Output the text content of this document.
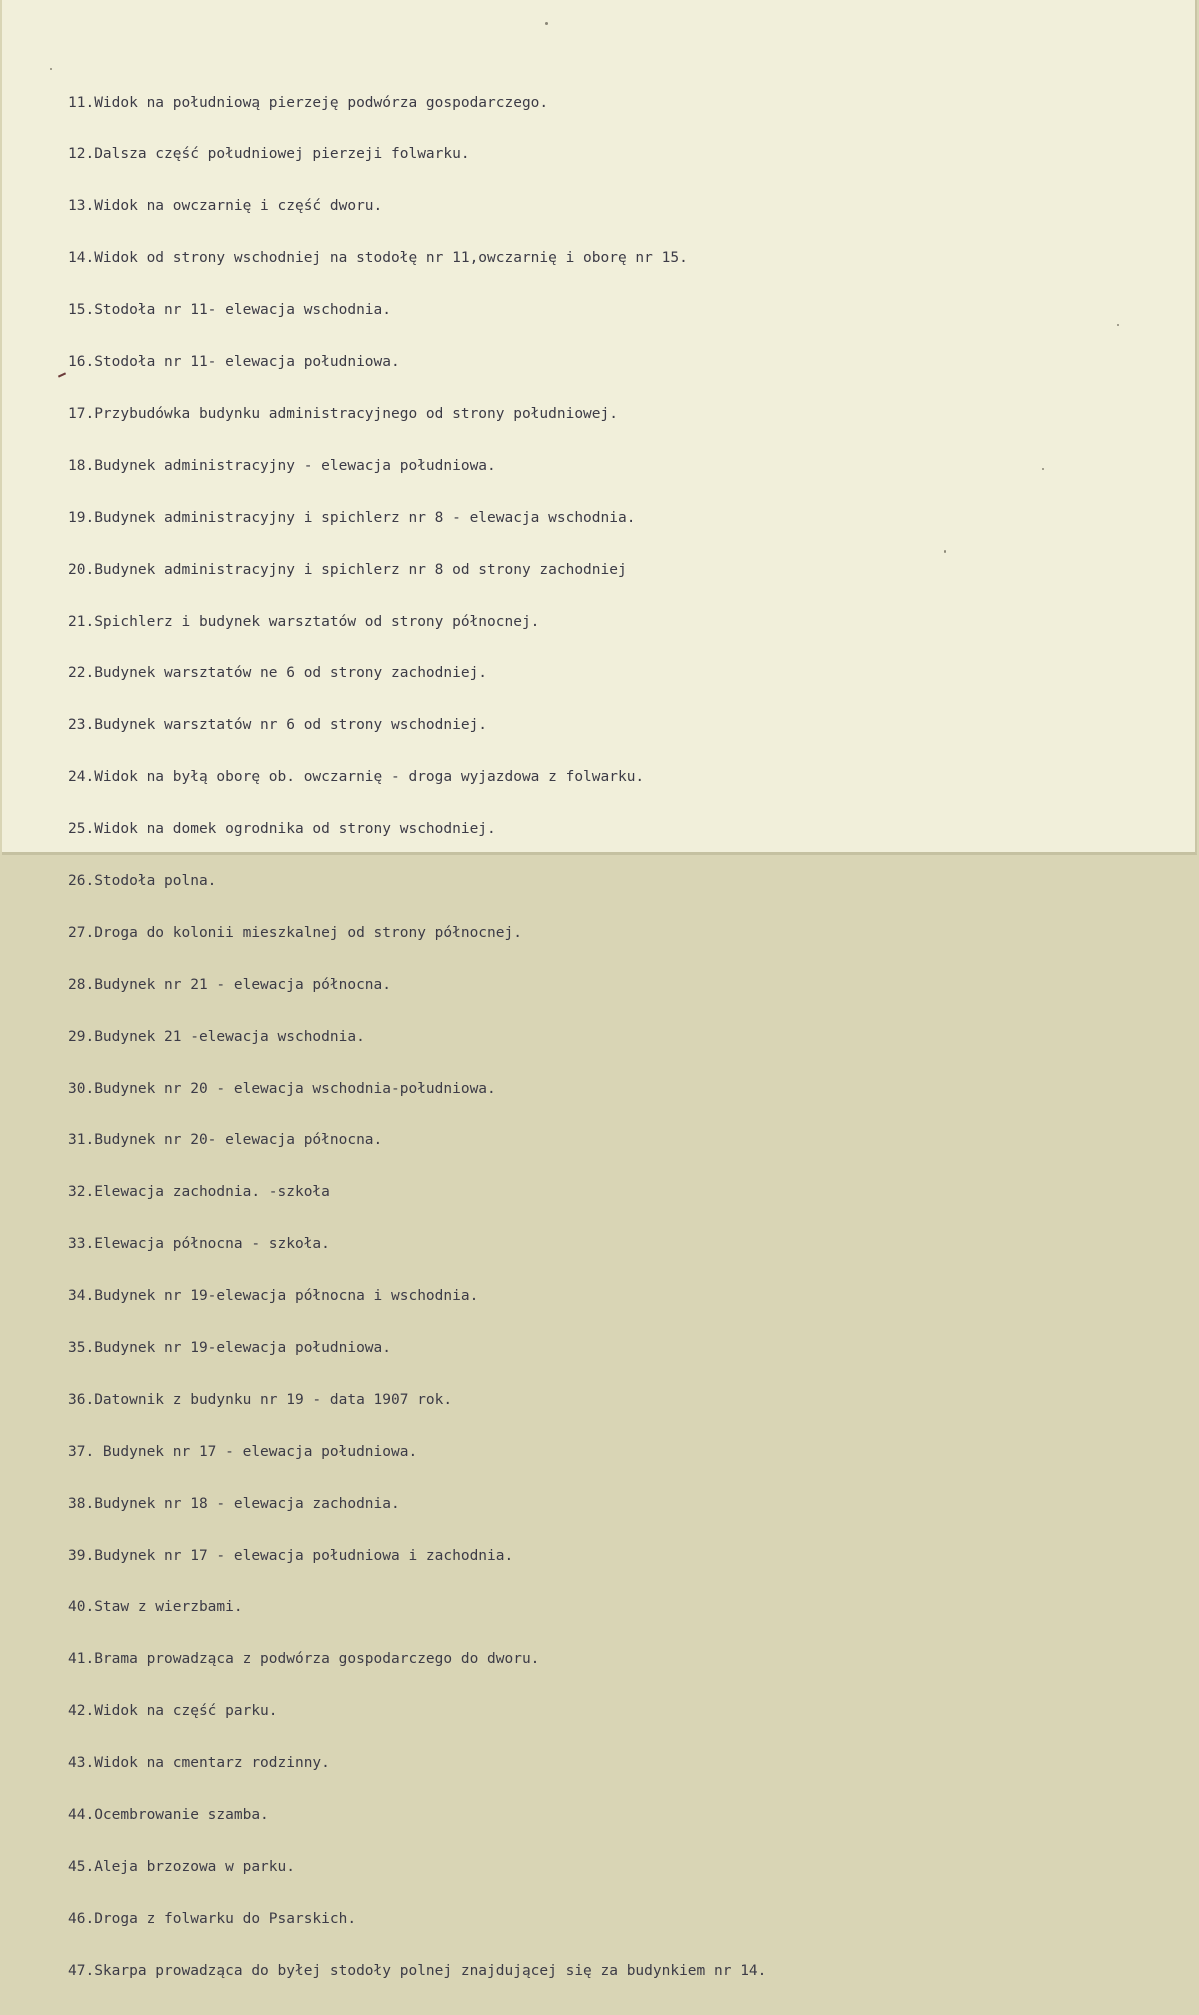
11.Widok na południową pierzeję podwórza gospodarczego.

12.Dalsza część południowej pierzeji folwarku.

13.Widok na owczarnię i część dworu.

14.Widok od strony wschodniej na stodołę nr 11,owczarnię i oborę nr 15.

15.Stodoła nr 11- elewacja wschodnia.

16.Stodoła nr 11- elewacja południowa.

17.Przybudówka budynku administracyjnego od strony południowej.

18.Budynek administracyjny - elewacja południowa.

19.Budynek administracyjny i spichlerz nr 8 - elewacja wschodnia.

20.Budynek administracyjny i spichlerz nr 8 od strony zachodniej

21.Spichlerz i budynek warsztatów od strony północnej.

22.Budynek warsztatów ne 6 od strony zachodniej.

23.Budynek warsztatów nr 6 od strony wschodniej.

24.Widok na byłą oborę ob. owczarnię - droga wyjazdowa z folwarku.

25.Widok na domek ogrodnika od strony wschodniej.

26.Stodoła polna.

27.Droga do kolonii mieszkalnej od strony północnej.

28.Budynek nr 21 - elewacja północna.

29.Budynek 21 -elewacja wschodnia.

30.Budynek nr 20 - elewacja wschodnia-południowa.

31.Budynek nr 20- elewacja północna.

32.Elewacja zachodnia. -szkoła

33.Elewacja północna - szkoła.

34.Budynek nr 19-elewacja północna i wschodnia.

35.Budynek nr 19-elewacja południowa.

36.Datownik z budynku nr 19 - data 1907 rok.

37. Budynek nr 17 - elewacja południowa.

38.Budynek nr 18 - elewacja zachodnia.

39.Budynek nr 17 - elewacja południowa i zachodnia.

40.Staw z wierzbami.

41.Brama prowadząca z podwórza gospodarczego do dworu.

42.Widok na część parku.

43.Widok na cmentarz rodzinny.

44.Ocembrowanie szamba.

45.Aleja brzozowa w parku.

46.Droga z folwarku do Psarskich.

47.Skarpa prowadząca do byłej stodoły polnej znajdującej się za budynkiem nr 14.
